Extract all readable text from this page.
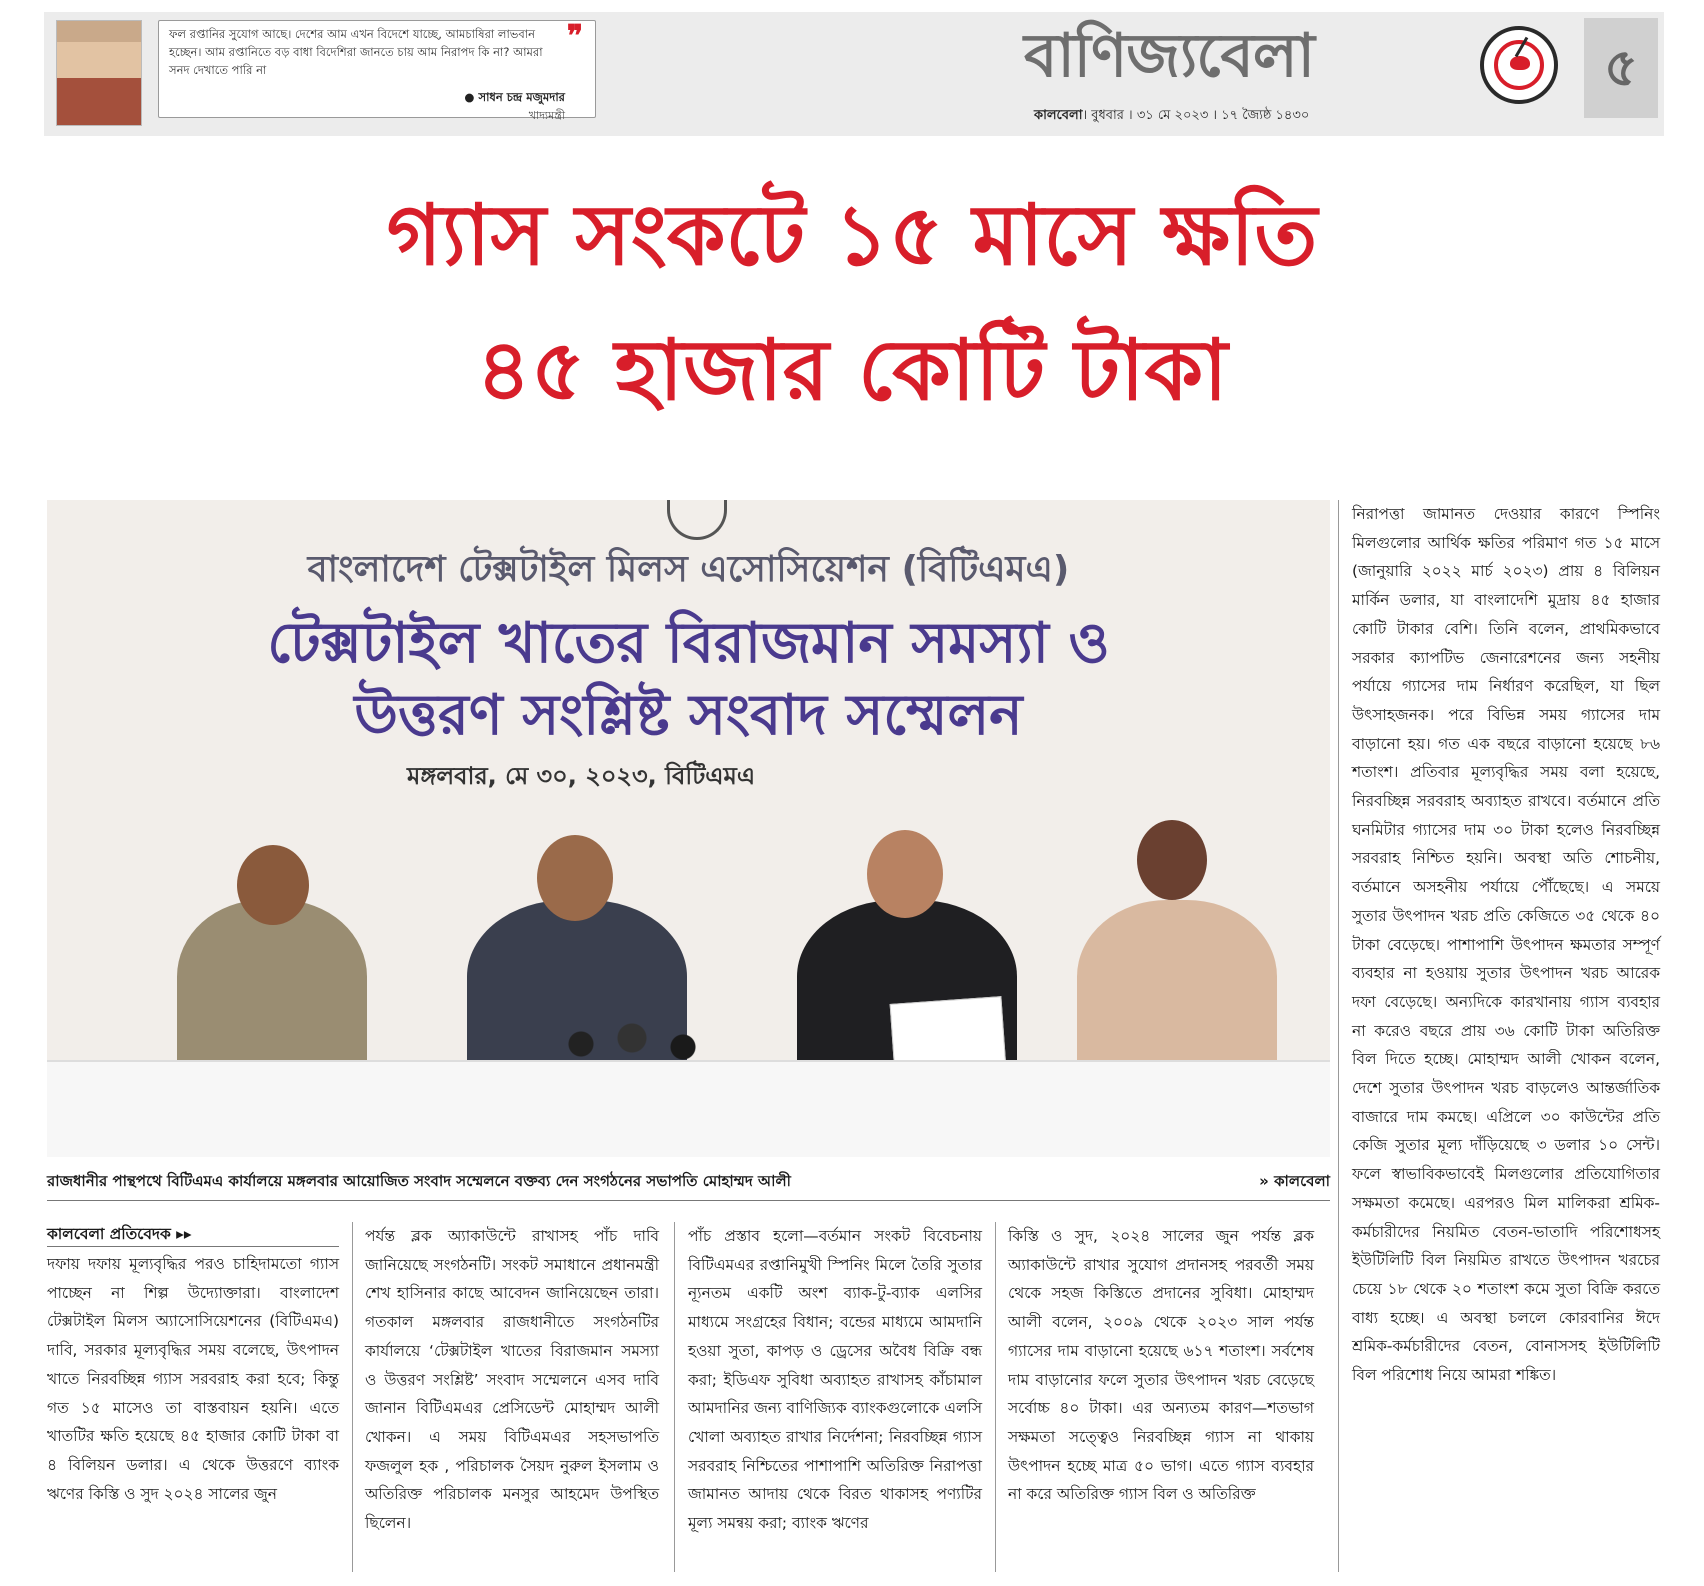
ফল রপ্তানির সুযোগ আছে। দেশের আম এখন বিদেশে যাচ্ছে, আমচাষিরা লাভবান হচ্ছেন। আম রপ্তানিতে বড় বাধা বিদেশিরা জানতে চায় আম নিরাপদ কি না? আমরা সনদ দেখাতে পারি না
❞
● সাধন চন্দ্র মজুমদার
খাদ্যমন্ত্রী
বাণিজ্যবেলা
কালবেলা। বুধবার । ৩১ মে ২০২৩ । ১৭ জ্যৈষ্ঠ ১৪৩০
৫
গ্যাস সংকটে ১৫ মাসে ক্ষতি
৪৫ হাজার কোটি টাকা
বাংলাদেশ টেক্সটাইল মিলস এসোসিয়েশন (বিটিএমএ)
টেক্সটাইল খাতের বিরাজমান সমস্যা ও
উত্তরণ সংশ্লিষ্ট সংবাদ সম্মেলন
মঙ্গলবার, মে ৩০, ২০২৩, বিটিএমএ
রাজধানীর পান্থপথে বিটিএমএ কার্যালয়ে মঙ্গলবার আয়োজিত সংবাদ সম্মেলনে বক্তব্য দেন সংগঠনের সভাপতি মোহাম্মদ আলী	» কালবেলা
কালবেলা প্রতিবেদক ▸▸

দফায় দফায় মূল্যবৃদ্ধির পরও চাহিদামতো গ্যাস পাচ্ছেন না শিল্প উদ্যোক্তারা। বাংলাদেশ টেক্সটাইল মিলস অ্যাসোসিয়েশনের (বিটিএমএ) দাবি, সরকার মূল্যবৃদ্ধির সময় বলেছে, উৎপাদন খাতে নিরবচ্ছিন্ন গ্যাস সরবরাহ করা হবে; কিন্তু গত ১৫ মাসেও তা বাস্তবায়ন হয়নি। এতে খাতটির ক্ষতি হয়েছে ৪৫ হাজার কোটি টাকা বা ৪ বিলিয়ন ডলার। এ থেকে উত্তরণে ব্যাংক ঋণের কিস্তি ও সুদ ২০২৪ সালের জুন

পর্যন্ত ব্লক অ্যাকাউন্টে রাখাসহ পাঁচ দাবি জানিয়েছে সংগঠনটি। সংকট সমাধানে প্রধানমন্ত্রী শেখ হাসিনার কাছে আবেদন জানিয়েছেন তারা। গতকাল মঙ্গলবার রাজধানীতে সংগঠনটির কার্যালয়ে ‘টেক্সটাইল খাতের বিরাজমান সমস্যা ও উত্তরণ সংশ্লিষ্ট’ সংবাদ সম্মেলনে এসব দাবি জানান বিটিএমএর প্রেসিডেন্ট মোহাম্মদ আলী খোকন। এ সময় বিটিএমএর সহসভাপতি ফজলুল হক , পরিচালক সৈয়দ নুরুল ইসলাম ও অতিরিক্ত পরিচালক মনসুর আহমেদ উপস্থিত ছিলেন।

পাঁচ প্রস্তাব হলো—বর্তমান সংকট বিবেচনায় বিটিএমএর রপ্তানিমুখী স্পিনিং মিলে তৈরি সুতার ন্যূনতম একটি অংশ ব্যাক-টু-ব্যাক এলসির মাধ্যমে সংগ্রহের বিধান; বন্ডের মাধ্যমে আমদানি হওয়া সুতা, কাপড় ও ড্রেসের অবৈধ বিক্রি বন্ধ করা; ইডিএফ সুবিধা অব্যাহত রাখাসহ কাঁচামাল আমদানির জন্য বাণিজ্যিক ব্যাংকগুলোকে এলসি খোলা অব্যাহত রাখার নির্দেশনা; নিরবচ্ছিন্ন গ্যাস সরবরাহ নিশ্চিতের পাশাপাশি অতিরিক্ত নিরাপত্তা জামানত আদায় থেকে বিরত থাকাসহ পণ্যটির মূল্য সমন্বয় করা; ব্যাংক ঋণের

কিস্তি ও সুদ, ২০২৪ সালের জুন পর্যন্ত ব্লক অ্যাকাউন্টে রাখার সুযোগ প্রদানসহ পরবর্তী সময় থেকে সহজ কিস্তিতে প্রদানের সুবিধা। মোহাম্মদ আলী বলেন, ২০০৯ থেকে ২০২৩ সাল পর্যন্ত গ্যাসের দাম বাড়ানো হয়েছে ৬১৭ শতাংশ। সর্বশেষ দাম বাড়ানোর ফলে সুতার উৎপাদন খরচ বেড়েছে সর্বোচ্চ ৪০ টাকা। এর অন্যতম কারণ—শতভাগ সক্ষমতা সত্ত্বেও নিরবচ্ছিন্ন গ্যাস না থাকায় উৎপাদন হচ্ছে মাত্র ৫০ ভাগ। এতে গ্যাস ব্যবহার না করে অতিরিক্ত গ্যাস বিল ও অতিরিক্ত

নিরাপত্তা জামানত দেওয়ার কারণে স্পিনিং মিলগুলোর আর্থিক ক্ষতির পরিমাণ গত ১৫ মাসে (জানুয়ারি ২০২২ মার্চ ২০২৩) প্রায় ৪ বিলিয়ন মার্কিন ডলার, যা বাংলাদেশি মুদ্রায় ৪৫ হাজার কোটি টাকার বেশি। তিনি বলেন, প্রাথমিকভাবে সরকার ক্যাপটিভ জেনারেশনের জন্য সহনীয় পর্যায়ে গ্যাসের দাম নির্ধারণ করেছিল, যা ছিল উৎসাহজনক। পরে বিভিন্ন সময় গ্যাসের দাম বাড়ানো হয়। গত এক বছরে বাড়ানো হয়েছে ৮৬ শতাংশ। প্রতিবার মূল্যবৃদ্ধির সময় বলা হয়েছে, নিরবচ্ছিন্ন সরবরাহ অব্যাহত রাখবে। বর্তমানে প্রতি ঘনমিটার গ্যাসের দাম ৩০ টাকা হলেও নিরবচ্ছিন্ন সরবরাহ নিশ্চিত হয়নি। অবস্থা অতি শোচনীয়, বর্তমানে অসহনীয় পর্যায়ে পৌঁছেছে। এ সময়ে সুতার উৎপাদন খরচ প্রতি কেজিতে ৩৫ থেকে ৪০ টাকা বেড়েছে। পাশাপাশি উৎপাদন ক্ষমতার সম্পূর্ণ ব্যবহার না হওয়ায় সুতার উৎপাদন খরচ আরেক দফা বেড়েছে। অন্যদিকে কারখানায় গ্যাস ব্যবহার না করেও বছরে প্রায় ৩৬ কোটি টাকা অতিরিক্ত বিল দিতে হচ্ছে। মোহাম্মদ আলী খোকন বলেন, দেশে সুতার উৎপাদন খরচ বাড়লেও আন্তর্জাতিক বাজারে দাম কমছে। এপ্রিলে ৩০ কাউন্টের প্রতি কেজি সুতার মূল্য দাঁড়িয়েছে ৩ ডলার ১০ সেন্ট। ফলে স্বাভাবিকভাবেই মিলগুলোর প্রতিযোগিতার সক্ষমতা কমেছে। এরপরও মিল মালিকরা শ্রমিক-কর্মচারীদের নিয়মিত বেতন-ভাতাদি পরিশোধসহ ইউটিলিটি বিল নিয়মিত রাখতে উৎপাদন খরচের চেয়ে ১৮ থেকে ২০ শতাংশ কমে সুতা বিক্রি করতে বাধ্য হচ্ছে। এ অবস্থা চললে কোরবানির ঈদে শ্রমিক-কর্মচারীদের বেতন, বোনাসসহ ইউটিলিটি বিল পরিশোধ নিয়ে আমরা শঙ্কিত।
